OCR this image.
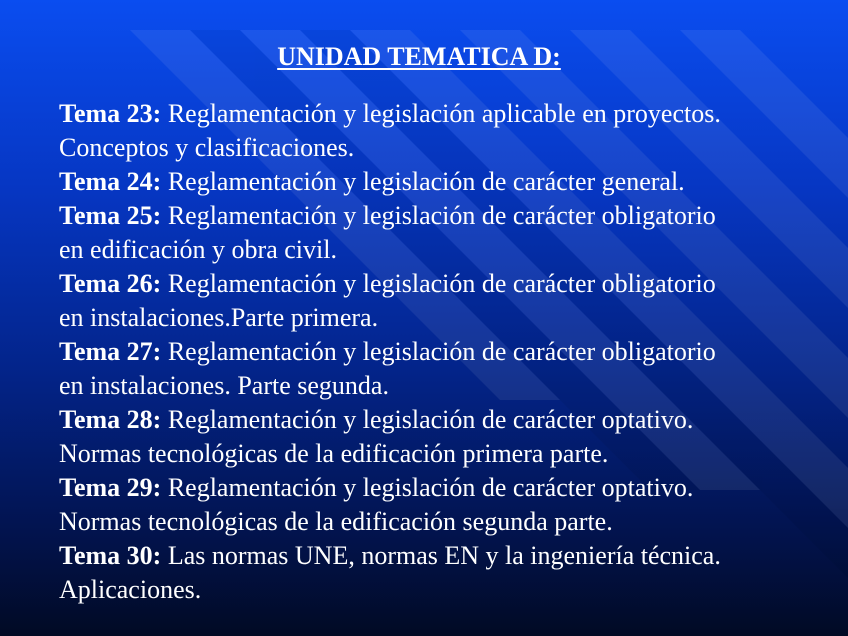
UNIDAD TEMATICA D:
Tema 23: Reglamentación y legislación aplicable en proyectos.
Conceptos y clasificaciones.
Tema 24: Reglamentación y legislación de carácter general.
Tema 25: Reglamentación y legislación de carácter obligatorio
en edificación y obra civil.
Tema 26: Reglamentación y legislación de carácter obligatorio
en instalaciones.Parte primera.
Tema 27: Reglamentación y legislación de carácter obligatorio
en instalaciones. Parte segunda.
Tema 28: Reglamentación y legislación de carácter optativo.
Normas tecnológicas de la edificación primera parte.
Tema 29: Reglamentación y legislación de carácter optativo.
Normas tecnológicas de la edificación segunda parte.
Tema 30: Las normas UNE, normas EN y la ingeniería técnica.
Aplicaciones.
